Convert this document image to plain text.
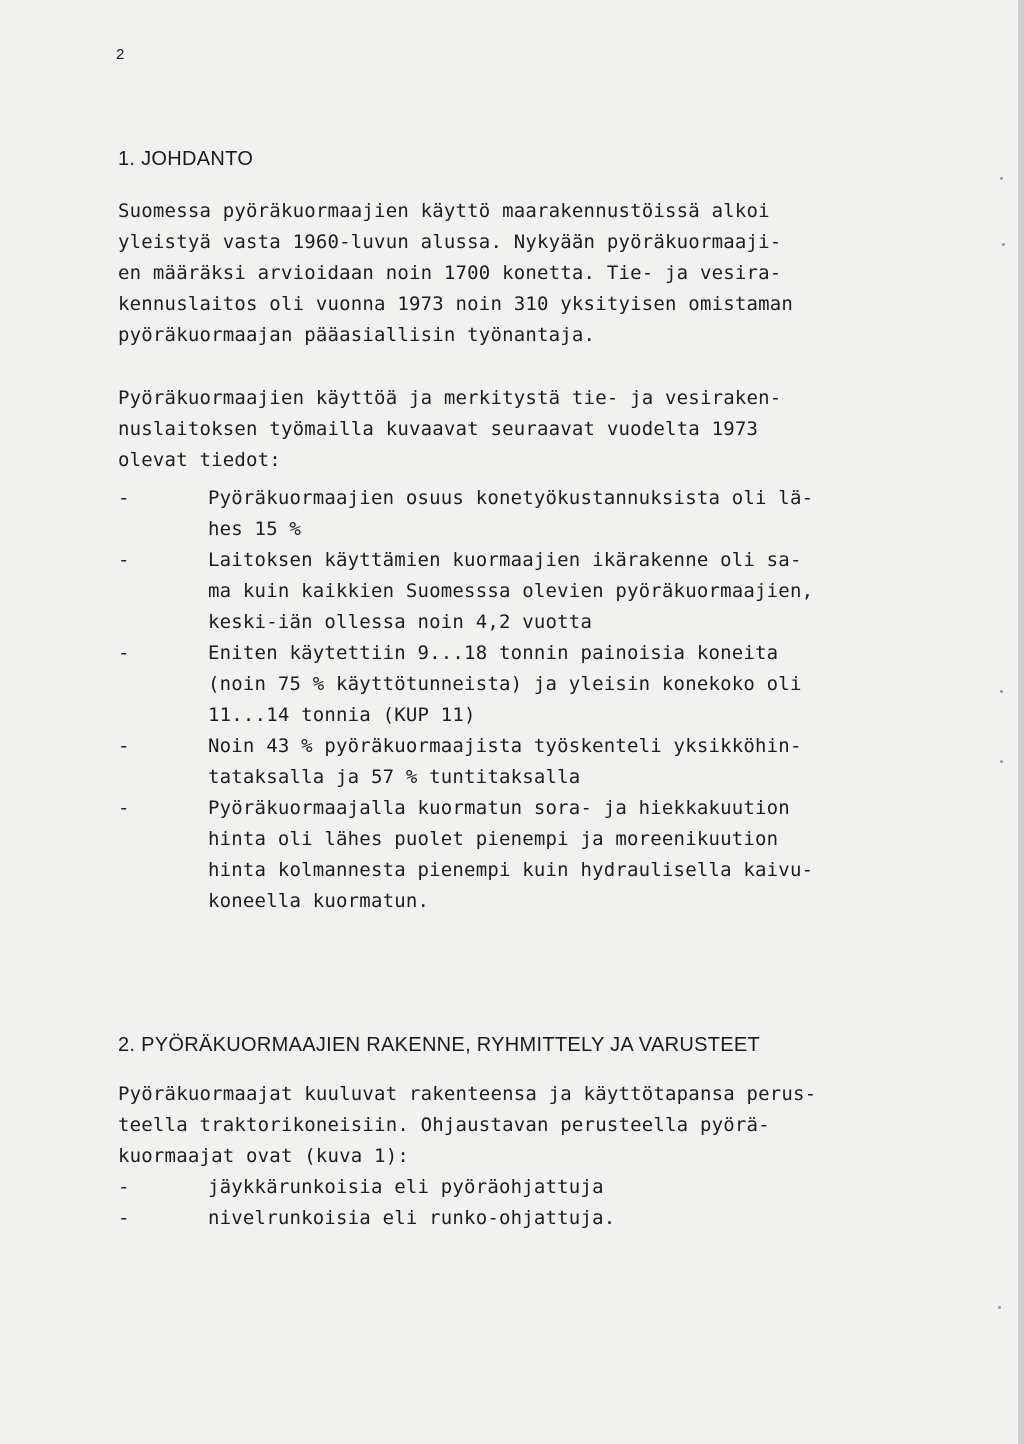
2
1. JOHDANTO
Suomessa pyöräkuormaajien käyttö maarakennustöissä alkoi
yleistyä vasta 1960-luvun alussa. Nykyään pyöräkuormaaji-
en määräksi arvioidaan noin 1700 konetta. Tie- ja vesira-
kennuslaitos oli vuonna 1973 noin 310 yksityisen omistaman
pyöräkuormaajan pääasiallisin työnantaja.
Pyöräkuormaajien käyttöä ja merkitystä tie- ja vesiraken-
nuslaitoksen työmailla kuvaavat seuraavat vuodelta 1973
olevat tiedot:
-	Pyöräkuormaajien osuus konetyökustannuksista oli lä-
hes 15 %
-	Laitoksen käyttämien kuormaajien ikärakenne oli sa-
ma kuin kaikkien Suomesssa olevien pyöräkuormaajien,
keski-iän ollessa noin 4,2 vuotta
-	Eniten käytettiin 9...18 tonnin painoisia koneita
(noin 75 % käyttötunneista) ja yleisin konekoko oli
11...14 tonnia (KUP 11)
-	Noin 43 % pyöräkuormaajista työskenteli yksikköhin-
tataksalla ja 57 % tuntitaksalla
-	Pyöräkuormaajalla kuormatun sora- ja hiekkakuution
hinta oli lähes puolet pienempi ja moreenikuution
hinta kolmannesta pienempi kuin hydraulisella kaivu-
koneella kuormatun.
2. PYÖRÄKUORMAAJIEN RAKENNE, RYHMITTELY JA VARUSTEET
Pyöräkuormaajat kuuluvat rakenteensa ja käyttötapansa perus-
teella traktorikoneisiin. Ohjaustavan perusteella pyörä-
kuormaajat ovat (kuva 1):
-	jäykkärunkoisia eli pyöräohjattuja
-	nivelrunkoisia eli runko-ohjattuja.
